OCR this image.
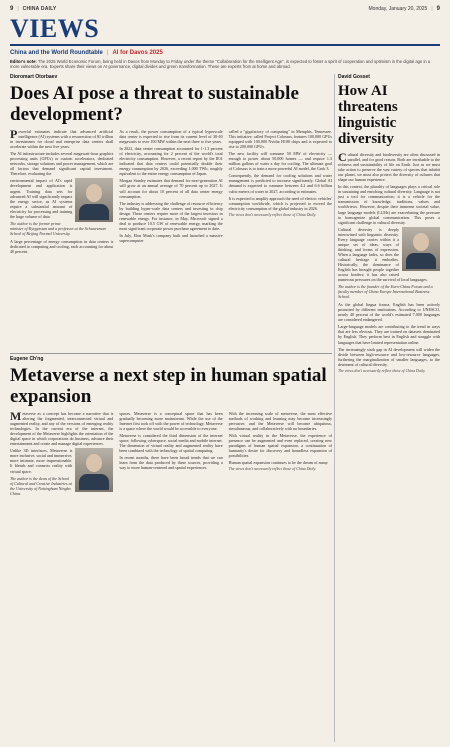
9 | CHINA DAILY	Monday, January 20, 2025 | 9
VIEWS
China and the World Roundtable | AI for Davos 2025
Editor's note: The 2025 World Economic Forum, being held in Davos from Monday to Friday under the theme "Collaboration for the Intelligent Age", is expected to foster a spirit of cooperation and optimism in the digital age in a more vulnerable era. Experts share their views on AI governance, digital divides and green transformation. These are experts from at home and abroad.
Dioromart Otorbaev
Does AI pose a threat to sustainable development?

Powerful estimates indicate that advanced artificial intelligence (AI) systems with a resurrection of $1 trillion in investments for cloud and enterprise data centers shall accelerate within the next five years.

The AI infrastructure includes several megawatt-hour graphics processing units (GPUs) or custom accelerators, dedicated networks, storage solutions and power management, which are all factors that demand significant capital investment. Therefore, evaluating the

environmental impact of AI's rapid development and application is urgent. Training data sets for advanced AI will significantly impact the energy sector, as AI systems require a substantial amount of electricity for processing and training the huge volume of data.

The author is the former prime minister of Kyrgyzstan and a professor at the Schwarzman School of Beijing Normal University.

A large percentage of energy consumption in data centers is dedicated to computing and cooling, each accounting for about 40 percent.

As a result, the power consumption of a typical hyperscale data center is expected to rise from its current level of 30-40 megawatts to over 100 MW within the next three to five years.

In 2022, data center consumption accounted for 1-1.3 percent of electricity, accounting for 2 percent of the world's total electricity consumption. However, a recent report by the IEA indicated that data centers could potentially double their energy consumption by 2026, exceeding 1,000 TWh, roughly equivalent to the entire energy consumption of Japan.

Morgan Stanley estimates that demand for next-generation AI will grow at an annual average of 70 percent up to 2027. It will account for about 10 percent of all data center energy consumption.

The industry is addressing the challenge of resource efficiency by building hyper-scale data centers and investing in chip design. These centers require more of the largest investors in renewable energy. For instance, in May, Microsoft signed a deal to produce 10.5 GW of renewable energy, marking the most significant corporate power purchase agreement to date.

In July, Elon Musk's company built and launched a massive supercomputer

called a "gigafactory of computing" in Memphis, Tennessee. This initiative, called Project Colossus, features 100,000 GPUs equipped with 100,000 Nvidia H100 chips and is expected to rise to 200,000 GPUs.

The new facility will consume 50 MW of electricity — enough to power about 50,000 homes — and require 1.3 million gallons of water a day for cooling. The ultimate goal of Colossus is to train a more powerful AI model, the Grok 3.

Consequently, the demand for cooling solutions and water management is predicted to increase significantly. Global AI demand is expected to consume between 4.2 and 6.6 billion cubic meters of water in 2027, according to estimates.

It is expected to amplify approach the need of electric vehicles' consumption worldwide, which is projected to exceed the electricity consumption of the global industry in 2026.

The views don't necessarily reflect those of China Daily.
Eugene Ch'ng
Metaverse a next step in human spatial expansion

Metaverse as a concept has become a narrative that is altering the fragmented, interconnected virtual and augmented reality, and any of the versions of emerging reality technologies. In the current era of the internet, the development of the Metaverse highlights the orientation of the digital space in which corporations do business, advance their entertainment and create and manage digital experiences.

Unlike 3D interfaces, Metaverse is more inclusive, social and immersive, more intimate, more impressionable. It blends and connects reality with virtual space.

The author is the dean of the School of Cultural and Creative Industries at the University of Nottingham Ningbo China.

spaces. Metaverse is a conceptual space that has been gradually becoming more mainstream. While the use of the Internet first took off with the power of technology, Metaverse is a space where the world would be accessible to everyone.

Metaverse is considered the third dimension of the internet space, following cyberspace, social media and mobile internet. The dimension of virtual reality and augmented reality have been combined with the technology of spatial computing.

In recent months, there have been broad trends that we can learn from the data produced by these sources, providing a way to more human-centered and spatial experiences.

With the increasing scale of metaverse, the most effective methods of working and learning may become increasingly pervasive, and the Metaverse will become ubiquitous, simultaneous, and collaboratively with no boundaries.

With virtual reality in the Metaverse, the experience of presence can be augmented and even replaced, creating new paradigms of human spatial expansion, a continuation of humanity's desire for discovery and boundless expansion of possibilities.

Human spatial expansion continues to be the dream of many.

The views don't necessarily reflect those of China Daily.
David Gosset
How AI threatens linguistic diversity

Cultural diversity and biodiversity are often discussed in parallel, and for good reason. Both are invaluable to the richness and sustainability of life on Earth. Just as we must take action to preserve the vast variety of species that inhabit our planet, we must also protect the diversity of cultures that shape our human experience.

In this context, the plurality of languages plays a critical role in sustaining and enriching cultural diversity. Language is not just a tool for communication; it is a vehicle for the transmission of knowledge, traditions, values and worldviews. However, despite their immense societal value, large language models (LLMs) are exacerbating the pressure to homogenize global communication. This poses a significant challenge to cultural diversity.

Cultural diversity is deeply intertwined with linguistic diversity. Every language carries within it a unique set of ideas, ways of thinking, and forms of expression. When a language fades, so does the cultural heritage it embodies. Historically, the dominance of English has brought people together across borders; it has also raised numerous pressures on the survival of local languages.

The author is the founder of the Euro-China Forum and a faculty member of China Europe International Business School.

As the global lingua franca, English has been actively promoted by different institutions. According to UNESCO, nearly 40 percent of the world's estimated 7,000 languages are considered endangered.

Large-language models are contributing to the trend in ways that are less obvious. They are trained on datasets dominated by English. They perform best in English and struggle with languages that have limited representation online.

The increasingly stark gap in AI development will widen the divide between high-resource and low-resource languages, furthering the marginalization of smaller languages, to the detriment of cultural diversity.

The views don't necessarily reflect those of China Daily.
